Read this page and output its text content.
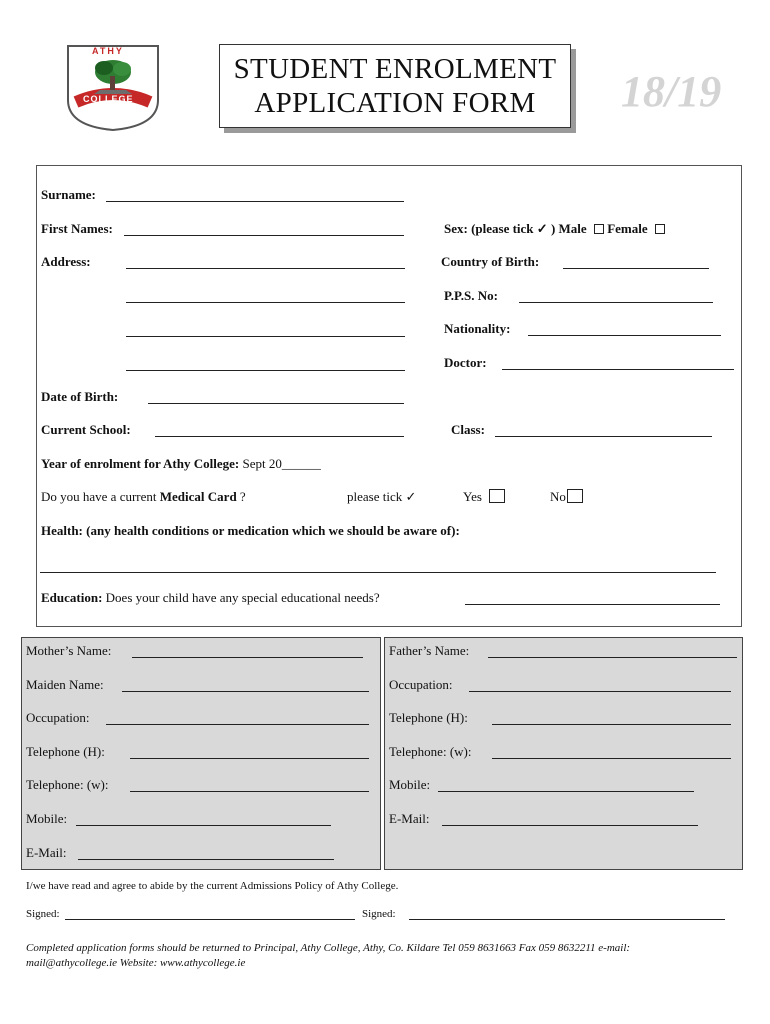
ATHY
COLLEGE
STUDENT ENROLMENT
APPLICATION FORM 18/19
Surname:
First Names:	Sex: (please tick ✓ ) Male Female
Address:	Country of Birth:
P.P.S. No:
Nationality:
Doctor:
Date of Birth:
Current School:	Class:
Year of enrolment for Athy College: Sept 20______
Do you have a current Medical Card ?	please tick ✓	Yes	No
Health: (any health conditions or medication which we should be aware of):
Education: Does your child have any special educational needs?
Mother’s Name:
Maiden Name:
Occupation:
Telephone (H):
Telephone: (w):
Mobile:
E-Mail:
Father’s Name:
Occupation:
Telephone (H):
Telephone: (w):
Mobile:
E-Mail:
I/we have read and agree to abide by the current Admissions Policy of Athy College.
Signed:	Signed:
Completed application forms should be returned to Principal, Athy College, Athy, Co. Kildare Tel 059 8631663 Fax 059 8632211 e-mail:
mail@athycollege.ie Website: www.athycollege.ie
